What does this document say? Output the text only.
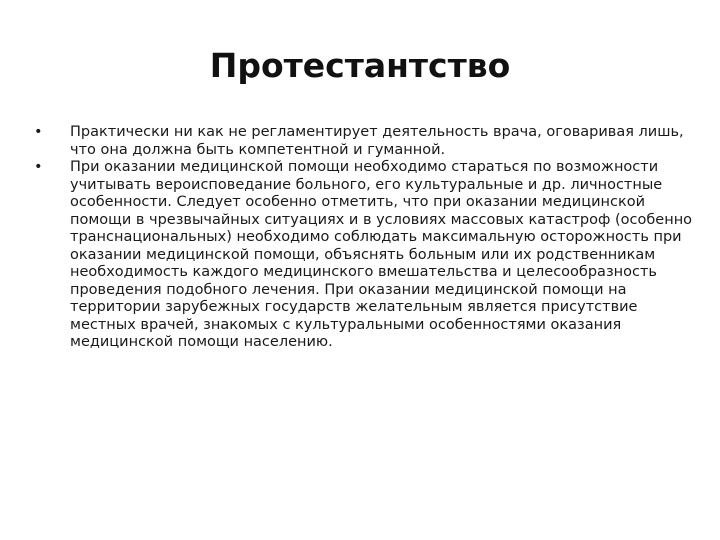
Протестантство
•	Практически ни как не регламентирует деятельность врача, оговаривая лишь, что она должна быть компетентной и гуманной.
•	При оказании медицинской помощи необходимо стараться по возможности учитывать вероисповедание больного, его культуральные и др. личностные особенности. Следует особенно отметить, что при оказании медицинской помощи в чрезвычайных ситуациях и в условиях массовых катастроф (особенно транснациональных) необходимо соблюдать максимальную осторожность при оказании медицинской помощи, объяснять больным или их родственникам необходимость каждого медицинского вмешательства и целесообразность проведения подобного лечения. При оказании медицинской помощи на территории зарубежных государств желательным является присутствие местных врачей, знакомых с культуральными особенностями оказания медицинской помощи населению.
